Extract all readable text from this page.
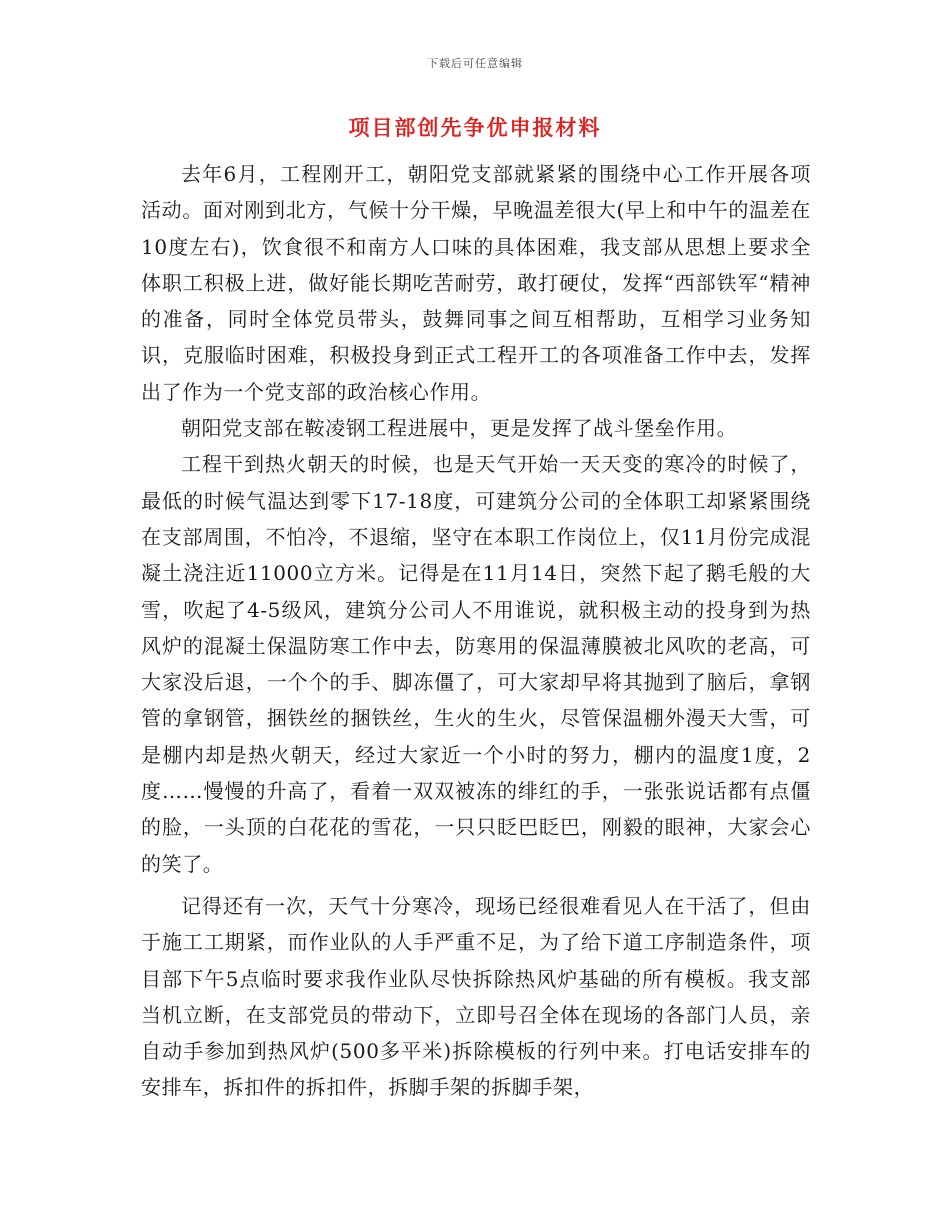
下载后可任意编辑
项目部创先争优申报材料

去年6月，工程刚开工，朝阳党支部就紧紧的围绕中心工作开展各项活动。面对刚到北方，气候十分干燥，早晚温差很大(早上和中午的温差在10度左右)，饮食很不和南方人口味的具体困难，我支部从思想上要求全体职工积极上进，做好能长期吃苦耐劳，敢打硬仗，发挥“西部铁军“精神的准备，同时全体党员带头，鼓舞同事之间互相帮助，互相学习业务知识，克服临时困难，积极投身到正式工程开工的各项准备工作中去，发挥出了作为一个党支部的政治核心作用。

朝阳党支部在鞍凌钢工程进展中，更是发挥了战斗堡垒作用。

工程干到热火朝天的时候，也是天气开始一天天变的寒冷的时候了，最低的时候气温达到零下17-18度，可建筑分公司的全体职工却紧紧围绕在支部周围，不怕冷，不退缩，坚守在本职工作岗位上，仅11月份完成混凝土浇注近11000立方米。记得是在11月14日，突然下起了鹅毛般的大雪，吹起了4-5级风，建筑分公司人不用谁说，就积极主动的投身到为热风炉的混凝土保温防寒工作中去，防寒用的保温薄膜被北风吹的老高，可大家没后退，一个个的手、脚冻僵了，可大家却早将其抛到了脑后，拿钢管的拿钢管，捆铁丝的捆铁丝，生火的生火，尽管保温棚外漫天大雪，可是棚内却是热火朝天，经过大家近一个小时的努力，棚内的温度1度，2度……慢慢的升高了，看着一双双被冻的绯红的手，一张张说话都有点僵的脸，一头顶的白花花的雪花，一只只眨巴眨巴，刚毅的眼神，大家会心的笑了。

记得还有一次，天气十分寒冷，现场已经很难看见人在干活了，但由于施工工期紧，而作业队的人手严重不足，为了给下道工序制造条件，项目部下午5点临时要求我作业队尽快拆除热风炉基础的所有模板。我支部当机立断，在支部党员的带动下，立即号召全体在现场的各部门人员，亲自动手参加到热风炉(500多平米)拆除模板的行列中来。打电话安排车的安排车，拆扣件的拆扣件，拆脚手架的拆脚手架，
